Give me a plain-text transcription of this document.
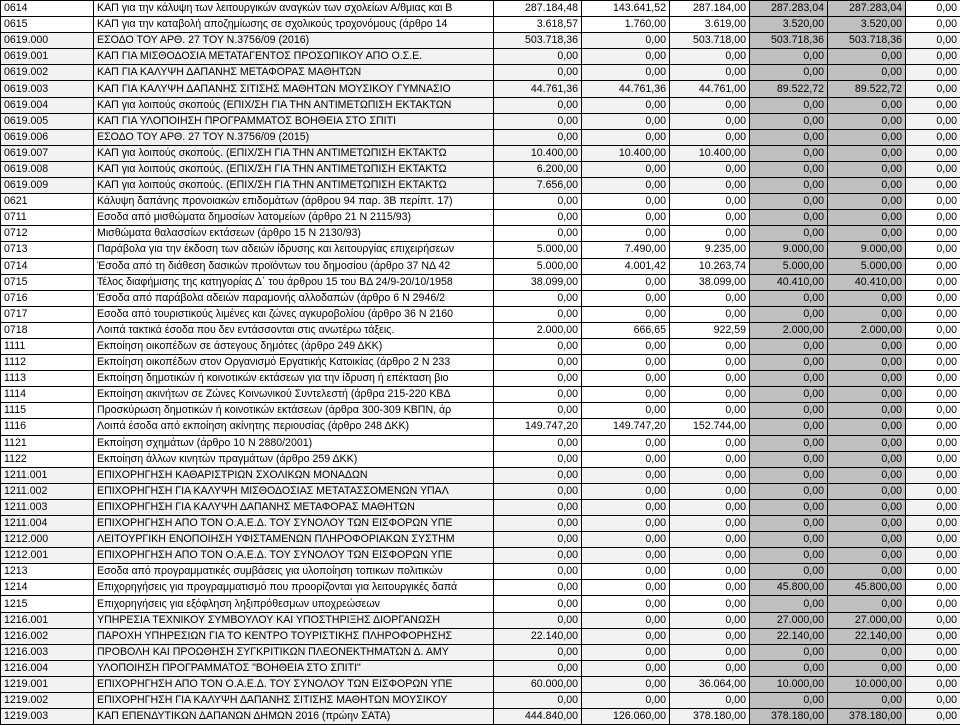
0614	ΚΑΠ για την κάλυψη των λειτουργικών αναγκών των σχολείων Α/θμιας και Β	287.184,48	143.641,52	287.184,00	287.283,04	287.283,04	0,00
0615	ΚΑΠ για την καταβολή αποζημίωσης σε σχολικούς τροχονόμους (άρθρο 14	3.618,57	1.760,00	3.619,00	3.520,00	3.520,00	0,00
0619.000	ΕΣΟΔΟ ΤΟΥ ΑΡΘ. 27 ΤΟΥ Ν.3756/09 (2016)	503.718,36	0,00	503.718,00	503.718,36	503.718,36	0,00
0619.001	ΚΑΠ ΓΙΑ ΜΙΣΘΟΔΟΣΙΑ ΜΕΤΑΤΑΓΕΝΤΟΣ ΠΡΟΣΩΠΙΚΟΥ ΑΠΟ Ο.Σ.Ε.	0,00	0,00	0,00	0,00	0,00	0,00
0619.002	ΚΑΠ ΓΙΑ ΚΑΛΥΨΗ ΔΑΠΑΝΗΣ ΜΕΤΑΦΟΡΑΣ ΜΑΘΗΤΩΝ	0,00	0,00	0,00	0,00	0,00	0,00
0619.003	ΚΑΠ ΓΙΑ ΚΑΛΥΨΗ ΔΑΠΑΝΗΣ ΣΙΤΙΣΗΣ ΜΑΘΗΤΩΝ ΜΟΥΣΙΚΟΥ ΓΥΜΝΑΣΙΟ	44.761,36	44.761,36	44.761,00	89.522,72	89.522,72	0,00
0619.004	ΚΑΠ για λοιπούς σκοπούς (ΕΠΙΧ/ΣΗ ΓΙΑ ΤΗΝ ΑΝΤΙΜΕΤΩΠΙΣΗ ΕΚΤΑΚΤΩΝ	0,00	0,00	0,00	0,00	0,00	0,00
0619.005	ΚΑΠ ΓΙΑ ΥΛΟΠΟΙΗΣΗ ΠΡΟΓΡΑΜΜΑΤΟΣ ΒΟΗΘΕΙΑ ΣΤΟ ΣΠΙΤΙ	0,00	0,00	0,00	0,00	0,00	0,00
0619.006	ΕΣΟΔΟ ΤΟΥ ΑΡΘ. 27 ΤΟΥ Ν.3756/09 (2015)	0,00	0,00	0,00	0,00	0,00	0,00
0619.007	ΚΑΠ για λοιπούς σκοπούς. (ΕΠΙΧ/ΣΗ ΓΙΑ ΤΗΝ ΑΝΤΙΜΕΤΩΠΙΣΗ ΕΚΤΑΚΤΩ	10.400,00	10.400,00	10.400,00	0,00	0,00	0,00
0619.008	ΚΑΠ για λοιπούς σκοπούς. (ΕΠΙΧ/ΣΗ ΓΙΑ ΤΗΝ ΑΝΤΙΜΕΤΩΠΙΣΗ ΕΚΤΑΚΤΩ	6.200,00	0,00	0,00	0,00	0,00	0,00
0619.009	ΚΑΠ για λοιπούς σκοπούς. (ΕΠΙΧ/ΣΗ ΓΙΑ ΤΗΝ ΑΝΤΙΜΕΤΩΠΙΣΗ ΕΚΤΑΚΤΩ	7.656,00	0,00	0,00	0,00	0,00	0,00
0621	Κάλυψη δαπάνης προνοιακών επιδομάτων (άρθρου 94 παρ. 3Β περίπτ. 17)	0,00	0,00	0,00	0,00	0,00	0,00
0711	Εσοδα από μισθώματα δημοσίων λατομείων (άρθρο 21 Ν 2115/93)	0,00	0,00	0,00	0,00	0,00	0,00
0712	Μισθώματα θαλασσίων εκτάσεων (άρθρο 15 Ν 2130/93)	0,00	0,00	0,00	0,00	0,00	0,00
0713	Παράβολα για την έκδοση των αδειών ίδρυσης και λειτουργίας επιχειρήσεων	5.000,00	7.490,00	9.235,00	9.000,00	9.000,00	0,00
0714	Έσοδα από τη διάθεση δασικών προϊόντων του δημοσίου (άρθρο 37 ΝΔ 42	5.000,00	4.001,42	10.263,74	5.000,00	5.000,00	0,00
0715	Τέλος διαφήμισης της κατηγορίας Δ΄ του άρθρου 15 του ΒΔ 24/9-20/10/1958	38.099,00	0,00	38.099,00	40.410,00	40.410,00	0,00
0716	Έσοδα από παράβολα αδειών παραμονής αλλοδαπών (άρθρο 6 Ν 2946/2	0,00	0,00	0,00	0,00	0,00	0,00
0717	Εσοδα από τουριστικούς λιμένες και ζώνες αγκυροβολίου (άρθρο 36 Ν 2160	0,00	0,00	0,00	0,00	0,00	0,00
0718	Λοιπά τακτικά έσοδα που δεν εντάσσονται στις ανωτέρω τάξεις.	2.000,00	666,65	922,59	2.000,00	2.000,00	0,00
1111	Εκποίηση οικοπέδων σε άστεγους δημότες (άρθρο 249 ΔΚΚ)	0,00	0,00	0,00	0,00	0,00	0,00
1112	Εκποίηση οικοπέδων στον Οργανισμό Εργατικής Κατοικίας (άρθρο 2 Ν 233	0,00	0,00	0,00	0,00	0,00	0,00
1113	Εκποίηση δημοτικών ή κοινοτικών εκτάσεων για την ίδρυση ή επέκταση βιο	0,00	0,00	0,00	0,00	0,00	0,00
1114	Εκποίηση ακινήτων σε Ζώνες Κοινωνικού Συντελεστή (άρθρα 215-220 ΚΒΔ	0,00	0,00	0,00	0,00	0,00	0,00
1115	Προσκύρωση δημοτικών ή κοινοτικών εκτάσεων (άρθρα 300-309 ΚΒΠΝ, άρ	0,00	0,00	0,00	0,00	0,00	0,00
1116	Λοιπά έσοδα από εκποίηση ακίνητης περιουσίας (άρθρο 248 ΔΚΚ)	149.747,20	149.747,20	152.744,00	0,00	0,00	0,00
1121	Εκποίηση σχημάτων (άρθρο 10 Ν 2880/2001)	0,00	0,00	0,00	0,00	0,00	0,00
1122	Εκποίηση άλλων κινητών πραγμάτων (άρθρο 259 ΔΚΚ)	0,00	0,00	0,00	0,00	0,00	0,00
1211.001	ΕΠΙΧΟΡΗΓΗΣΗ ΚΑΘΑΡΙΣΤΡΙΩΝ ΣΧΟΛΙΚΩΝ ΜΟΝΑΔΩΝ	0,00	0,00	0,00	0,00	0,00	0,00
1211.002	ΕΠΙΧΟΡΗΓΗΣΗ ΓΙΑ ΚΑΛΥΨΗ ΜΙΣΘΟΔΟΣΙΑΣ ΜΕΤΑΤΑΣΣΟΜΕΝΩΝ ΥΠΑΛ	0,00	0,00	0,00	0,00	0,00	0,00
1211.003	ΕΠΙΧΟΡΗΓΗΣΗ ΓΙΑ ΚΑΛΥΨΗ ΔΑΠΑΝΗΣ ΜΕΤΑΦΟΡΑΣ ΜΑΘΗΤΩΝ	0,00	0,00	0,00	0,00	0,00	0,00
1211.004	ΕΠΙΧΟΡΗΓΗΣΗ ΑΠΟ ΤΟΝ Ο.Α.Ε.Δ. ΤΟΥ ΣΥΝΟΛΟΥ ΤΩΝ ΕΙΣΦΟΡΩΝ ΥΠΕ	0,00	0,00	0,00	0,00	0,00	0,00
1212.000	ΛΕΙΤΟΥΡΓΙΚΗ ΕΝΟΠΟΙΗΣΗ ΥΦΙΣΤΑΜΕΝΩΝ ΠΛΗΡΟΦΟΡΙΑΚΩΝ ΣΥΣΤΗΜ	0,00	0,00	0,00	0,00	0,00	0,00
1212.001	ΕΠΙΧΟΡΗΓΗΣΗ ΑΠΟ ΤΟΝ Ο.Α.Ε.Δ. ΤΟΥ ΣΥΝΟΛΟΥ ΤΩΝ ΕΙΣΦΟΡΩΝ ΥΠΕ	0,00	0,00	0,00	0,00	0,00	0,00
1213	Εσοδα από προγραμματικές συμβάσεις για υλοποίηση τοπικων πολιτικών	0,00	0,00	0,00	0,00	0,00	0,00
1214	Επιχορηγήσεις για προγραμματισμό που προορίζονται για λειτουργικές δαπά	0,00	0,00	0,00	45.800,00	45.800,00	0,00
1215	Επιχορηγήσεις για εξόφληση ληξιπρόθεσμων υποχρεώσεων	0,00	0,00	0,00	0,00	0,00	0,00
1216.001	ΥΠΗΡΕΣΙΑ ΤΕΧΝΙΚΟΥ ΣΥΜΒΟΥΛΟΥ ΚΑΙ ΥΠΟΣΤΗΡΙΞΗΣ ΔΙΟΡΓΑΝΩΣΗ	0,00	0,00	0,00	27.000,00	27.000,00	0,00
1216.002	ΠΑΡΟΧΗ ΥΠΗΡΕΣΙΩΝ ΓΙΑ ΤΟ ΚΕΝΤΡΟ ΤΟΥΡΙΣΤΙΚΗΣ ΠΛΗΡΟΦΟΡΗΣΗΣ	22.140,00	0,00	0,00	22.140,00	22.140,00	0,00
1216.003	ΠΡΟΒΟΛΗ ΚΑΙ ΠΡΟΩΘΗΣΗ ΣΥΓΚΡΙΤΙΚΩΝ ΠΛΕΟΝΕΚΤΗΜΑΤΩΝ Δ. ΑΜΥ	0,00	0,00	0,00	0,00	0,00	0,00
1216.004	ΥΛΟΠΟΙΗΣΗ ΠΡΟΓΡΑΜΜΑΤΟΣ "ΒΟΗΘΕΙΑ ΣΤΟ ΣΠΙΤΙ"	0,00	0,00	0,00	0,00	0,00	0,00
1219.001	ΕΠΙΧΟΡΗΓΗΣΗ ΑΠΟ ΤΟΝ Ο.Α.Ε.Δ. ΤΟΥ ΣΥΝΟΛΟΥ ΤΩΝ ΕΙΣΦΟΡΩΝ ΥΠΕ	60.000,00	0,00	36.064,00	10.000,00	10.000,00	0,00
1219.002	ΕΠΙΧΟΡΗΓΗΣΗ ΓΙΑ ΚΑΛΥΨΗ ΔΑΠΑΝΗΣ ΣΙΤΙΣΗΣ ΜΑΘΗΤΩΝ ΜΟΥΣΙΚΟΥ	0,00	0,00	0,00	0,00	0,00	0,00
1219.003	ΚΑΠ ΕΠΕΝΔΥΤΙΚΩΝ ΔΑΠΑΝΩΝ ΔΗΜΩΝ 2016 (πρώην ΣΑΤΑ)	444.840,00	126.060,00	378.180,00	378.180,00	378.180,00	0,00
